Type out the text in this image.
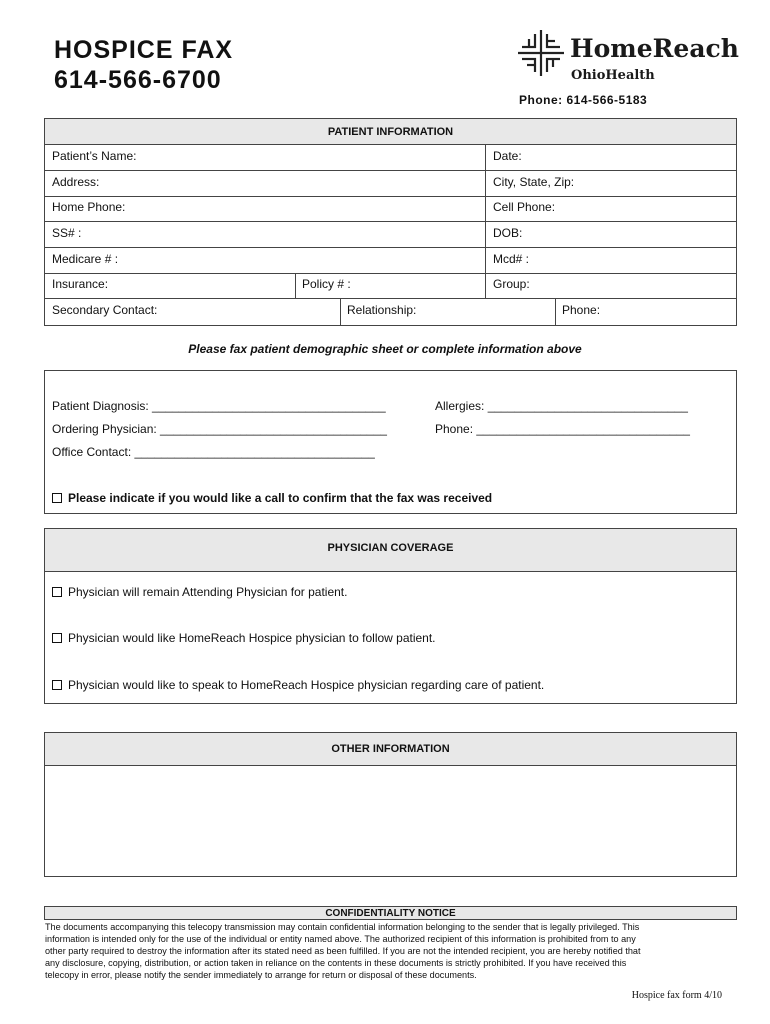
HOSPICE FAX
614-566-6700
HomeReach
OhioHealth
Phone: 614-566-5183
PATIENT INFORMATION
Patient’s Name:	Date:
Address:	City, State, Zip:
Home Phone:	Cell Phone:
SS# :	DOB:
Medicare # :	Mcd# :
Insurance:	Policy # :	Group:
Secondary Contact:	Relationship:	Phone:
Please fax patient demographic sheet or complete information above
Patient Diagnosis: ___________________________________	Allergies: ______________________________
Ordering Physician: __________________________________	Phone: ________________________________
Office Contact: ____________________________________
Please indicate if you would like a call to confirm that the fax was received
PHYSICIAN COVERAGE
Physician will remain Attending Physician for patient.
Physician would like HomeReach Hospice physician to follow patient.
Physician would like to speak to HomeReach Hospice physician regarding care of patient.
OTHER INFORMATION
CONFIDENTIALITY NOTICE
The documents accompanying this telecopy transmission may contain confidential information belonging to the sender that is legally privileged. This
information is intended only for the use of the individual or entity named above. The authorized recipient of this information is prohibited from to any
other party required to destroy the information after its stated need as been fulfilled. If you are not the intended recipient, you are hereby notified that
any disclosure, copying, distribution, or action taken in reliance on the contents in these documents is strictly prohibited. If you have received this
telecopy in error, please notify the sender immediately to arrange for return or disposal of these documents.
Hospice fax form 4/10
